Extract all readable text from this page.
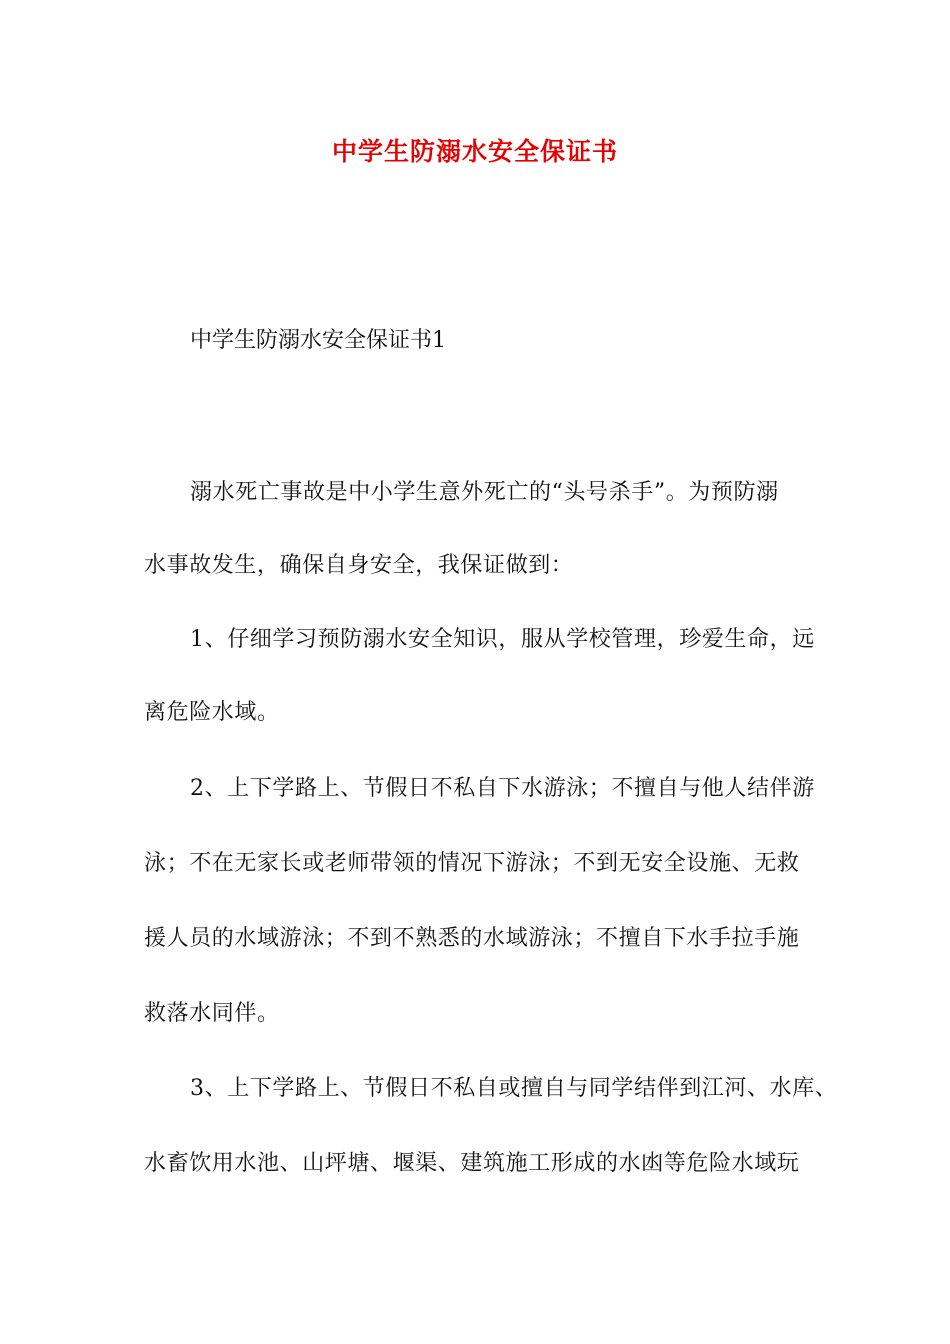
中学生防溺水安全保证书

中学生防溺水安全保证书1

溺水死亡事故是中小学生意外死亡的“头号杀手”。为预防溺

水事故发生，确保自身安全，我保证做到：

1、仔细学习预防溺水安全知识，服从学校管理，珍爱生命，远

离危险水域。

2、上下学路上、节假日不私自下水游泳；不擅自与他人结伴游

泳；不在无家长或老师带领的情况下游泳；不到无安全设施、无救

援人员的水域游泳；不到不熟悉的水域游泳；不擅自下水手拉手施

救落水同伴。

3、上下学路上、节假日不私自或擅自与同学结伴到江河、水库、

水畜饮用水池、山坪塘、堰渠、建筑施工形成的水凼等危险水域玩
